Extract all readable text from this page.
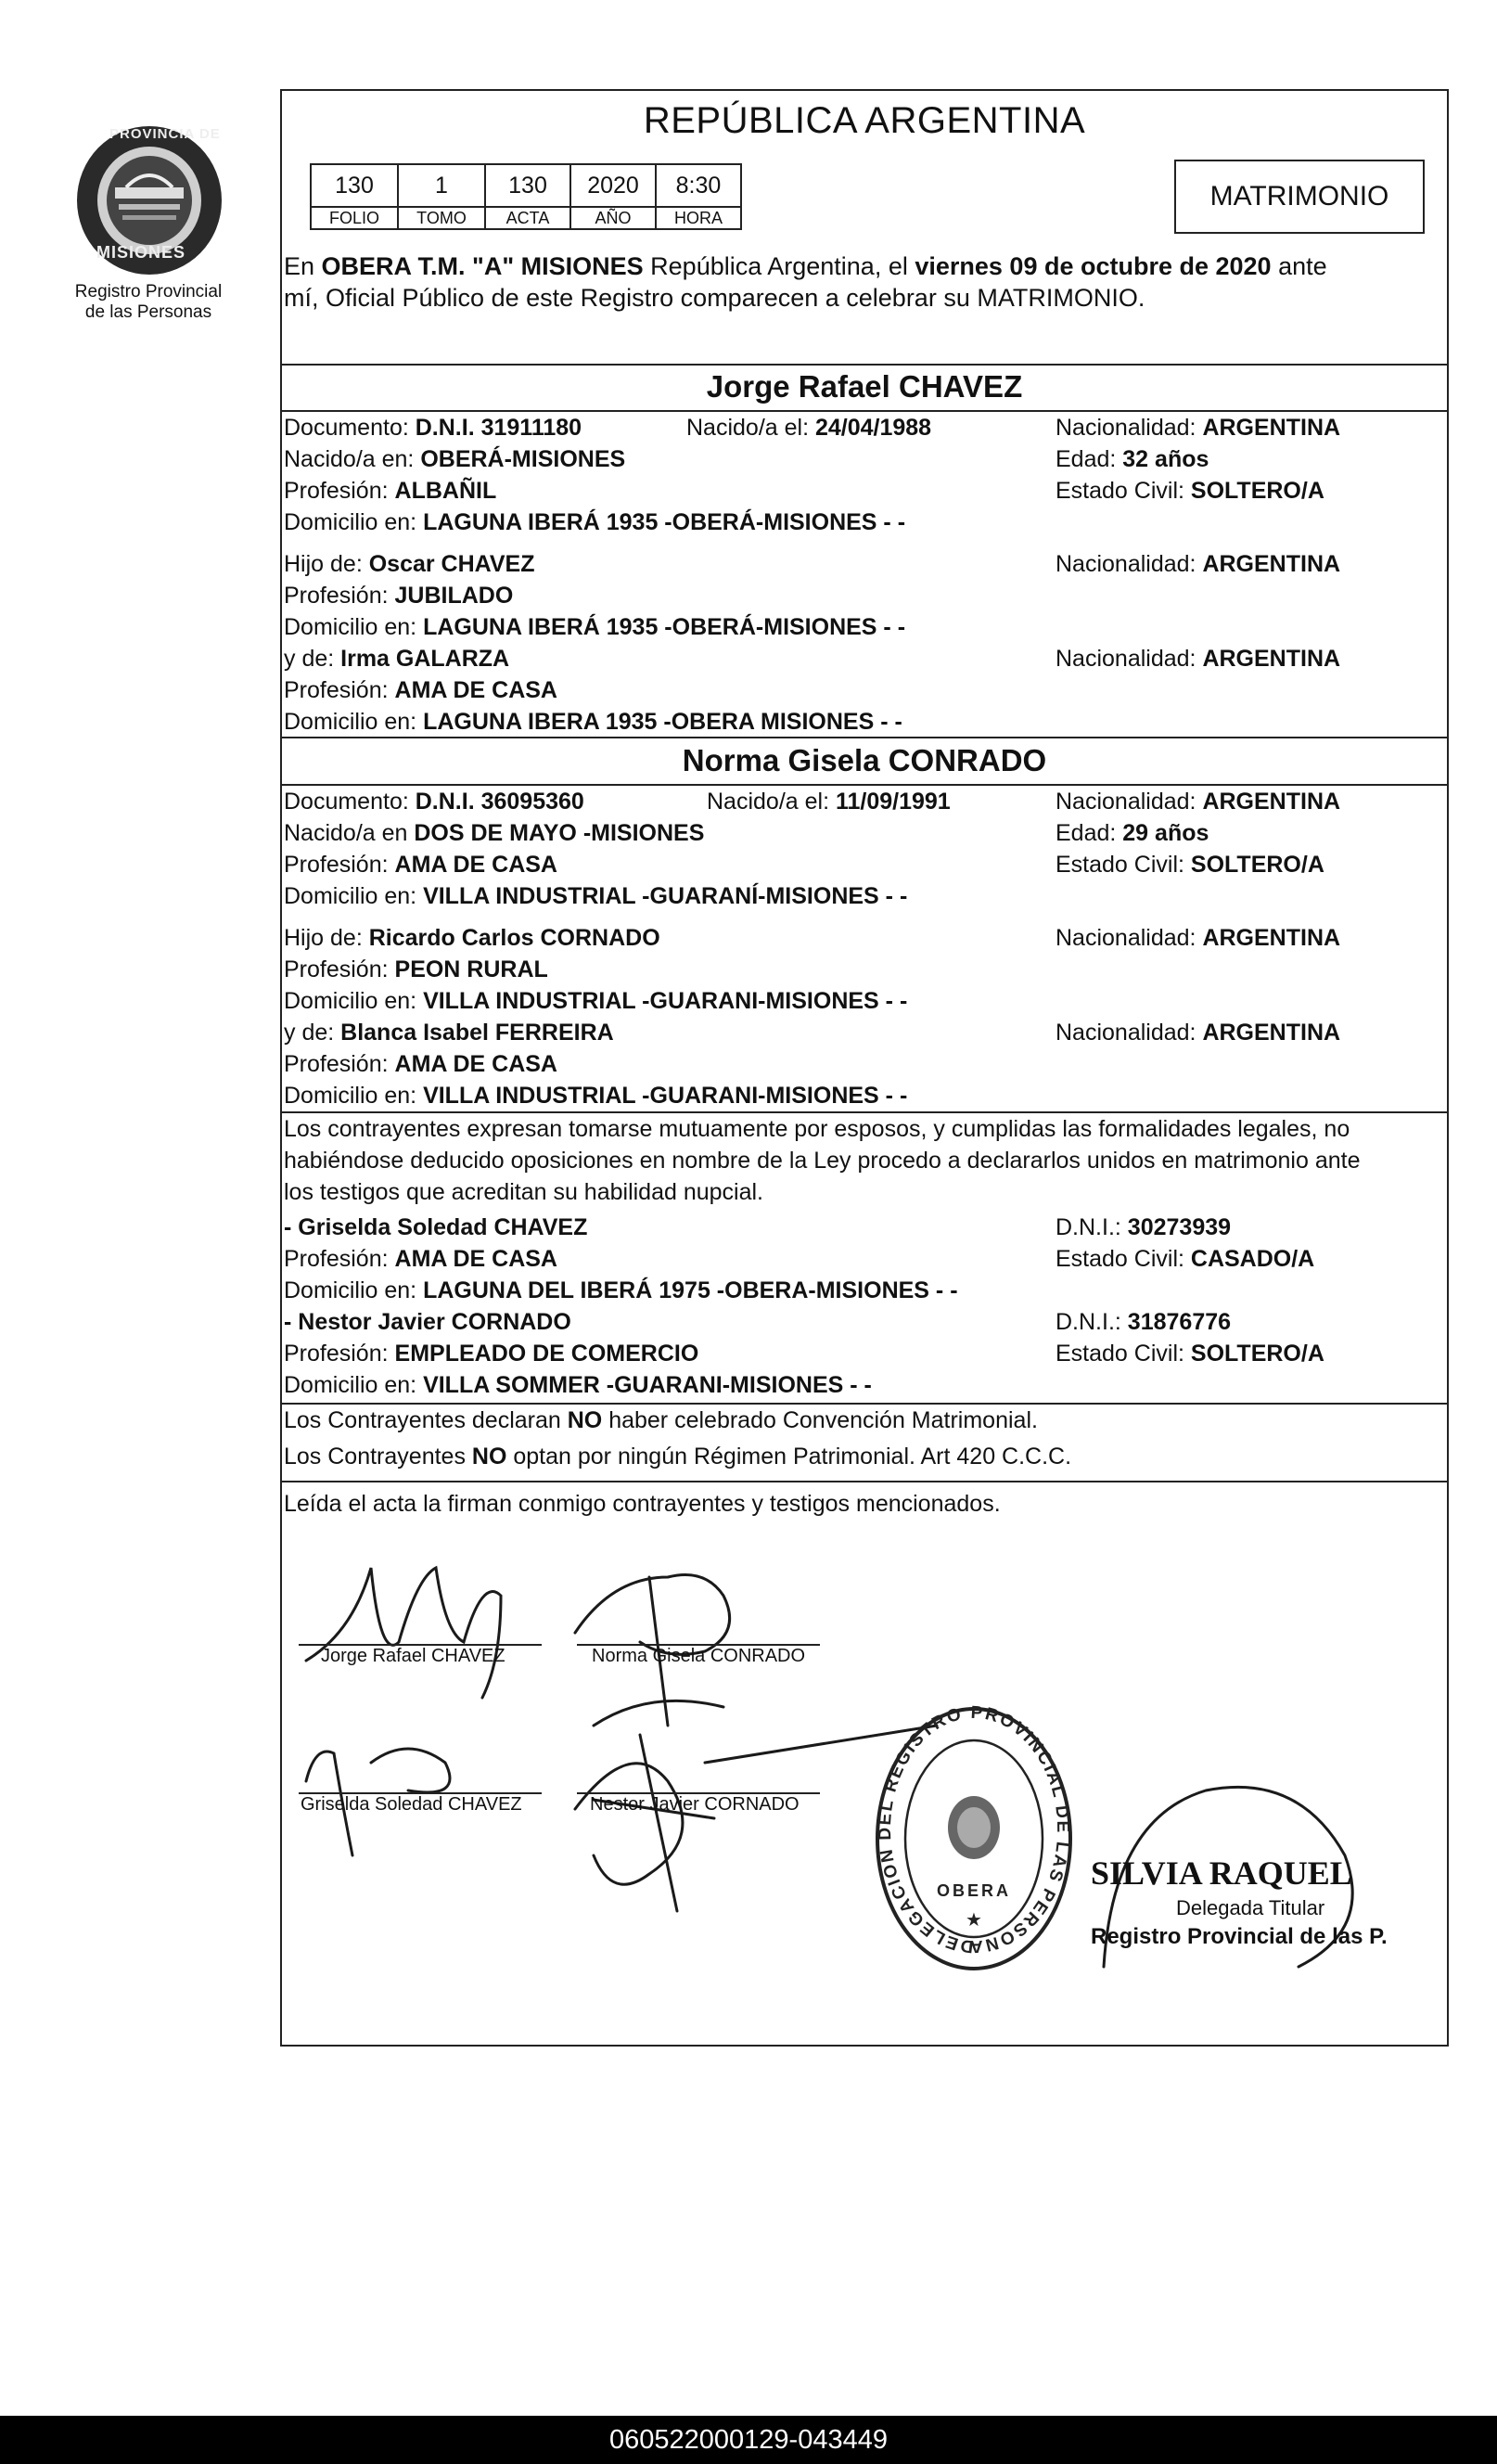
PROVINCIA DE
MISIONES
Registro Provincial
de las Personas
REPÚBLICA ARGENTINA
130	1	130	2020	8:30
FOLIO	TOMO	ACTA	AÑO	HORA
MATRIMONIO
En OBERA T.M. "A" MISIONES República Argentina, el viernes 09 de octubre de 2020 ante
mí, Oficial Público de este Registro comparecen a celebrar su MATRIMONIO.
Jorge Rafael CHAVEZ
Documento: D.N.I. 31911180	Nacido/a el: 24/04/1988	Nacionalidad: ARGENTINA
Nacido/a en: OBERÁ-MISIONES	Edad: 32 años
Profesión: ALBAÑIL	Estado Civil: SOLTERO/A
Domicilio en: LAGUNA IBERÁ 1935 -OBERÁ-MISIONES - -
Hijo de: Oscar CHAVEZ	Nacionalidad: ARGENTINA
Profesión: JUBILADO
Domicilio en: LAGUNA IBERÁ 1935 -OBERÁ-MISIONES - -
y de: Irma GALARZA	Nacionalidad: ARGENTINA
Profesión: AMA DE CASA
Domicilio en: LAGUNA IBERA 1935 -OBERA MISIONES - -
Norma Gisela CONRADO
Documento: D.N.I. 36095360	Nacido/a el: 11/09/1991	Nacionalidad: ARGENTINA
Nacido/a en DOS DE MAYO -MISIONES	Edad: 29 años
Profesión: AMA DE CASA	Estado Civil: SOLTERO/A
Domicilio en: VILLA INDUSTRIAL -GUARANÍ-MISIONES - -
Hijo de: Ricardo Carlos CORNADO	Nacionalidad: ARGENTINA
Profesión: PEON RURAL
Domicilio en: VILLA INDUSTRIAL -GUARANI-MISIONES - -
y de: Blanca Isabel FERREIRA	Nacionalidad: ARGENTINA
Profesión: AMA DE CASA
Domicilio en: VILLA INDUSTRIAL -GUARANI-MISIONES - -
Los contrayentes expresan tomarse mutuamente por esposos, y cumplidas las formalidades legales, no
habiéndose deducido oposiciones en nombre de la Ley procedo a declararlos unidos en matrimonio ante
los testigos que acreditan su habilidad nupcial.
- Griselda Soledad CHAVEZ	D.N.I.: 30273939
Profesión: AMA DE CASA	Estado Civil: CASADO/A
Domicilio en: LAGUNA DEL IBERÁ 1975 -OBERA-MISIONES - -
- Nestor Javier CORNADO	D.N.I.: 31876776
Profesión: EMPLEADO DE COMERCIO	Estado Civil: SOLTERO/A
Domicilio en: VILLA SOMMER -GUARANI-MISIONES - -
Los Contrayentes declaran NO haber celebrado Convención Matrimonial.
Los Contrayentes NO optan por ningún Régimen Patrimonial. Art 420 C.C.C.
Leída el acta la firman conmigo contrayentes y testigos mencionados.
Jorge Rafael CHAVEZ	Norma Gisela CONRADO
Griselda Soledad CHAVEZ	Nestor Javier CORNADO
DELEGACION DEL REGISTRO PROVINCIAL DE LAS PERSONA
OBERA
★
SILVIA RAQUEL
Delegada Titular
Registro Provincial de las P.
060522000129-043449
